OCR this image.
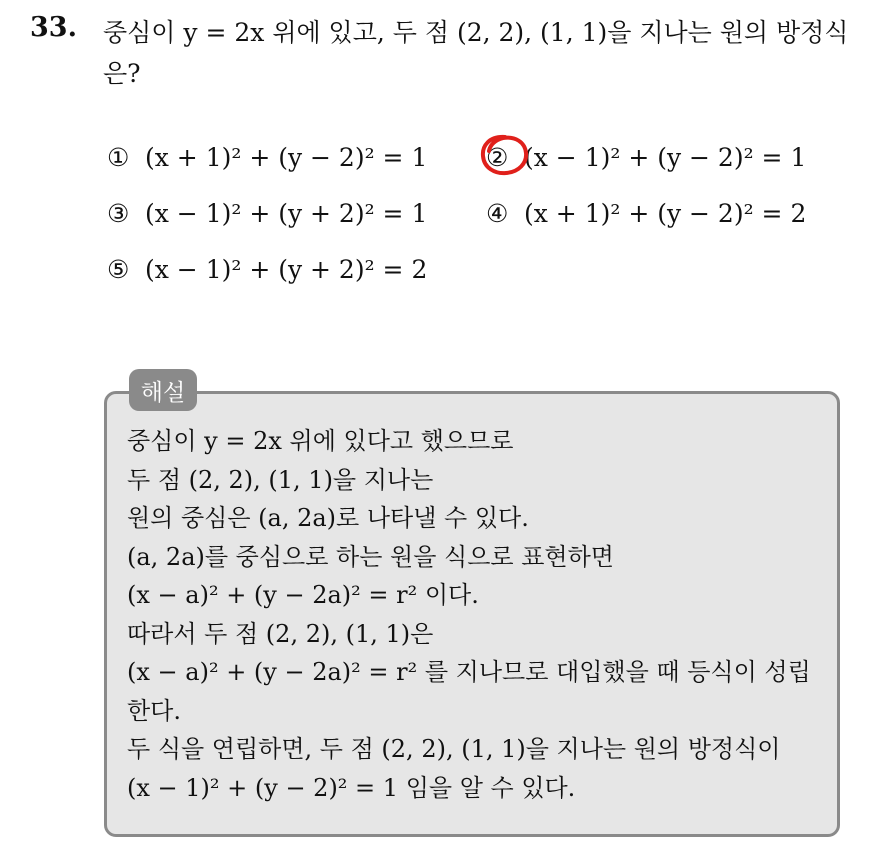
33. 중심이 y = 2x 위에 있고, 두 점 (2, 2), (1, 1)을 지나는 원의 방정식은?
① (x + 1)² + (y − 2)² = 1 ② (x − 1)² + (y − 2)² = 1
③ (x − 1)² + (y + 2)² = 1 ④ (x + 1)² + (y − 2)² = 2
⑤ (x − 1)² + (y + 2)² = 2
해설
중심이 y = 2x 위에 있다고 했으므로
두 점 (2, 2), (1, 1)을 지나는
원의 중심은 (a, 2a)로 나타낼 수 있다.
(a, 2a)를 중심으로 하는 원을 식으로 표현하면
(x − a)² + (y − 2a)² = r² 이다.
따라서 두 점 (2, 2), (1, 1)은
(x − a)² + (y − 2a)² = r² 를 지나므로 대입했을 때 등식이 성립
한다.
두 식을 연립하면, 두 점 (2, 2), (1, 1)을 지나는 원의 방정식이
(x − 1)² + (y − 2)² = 1 임을 알 수 있다.
